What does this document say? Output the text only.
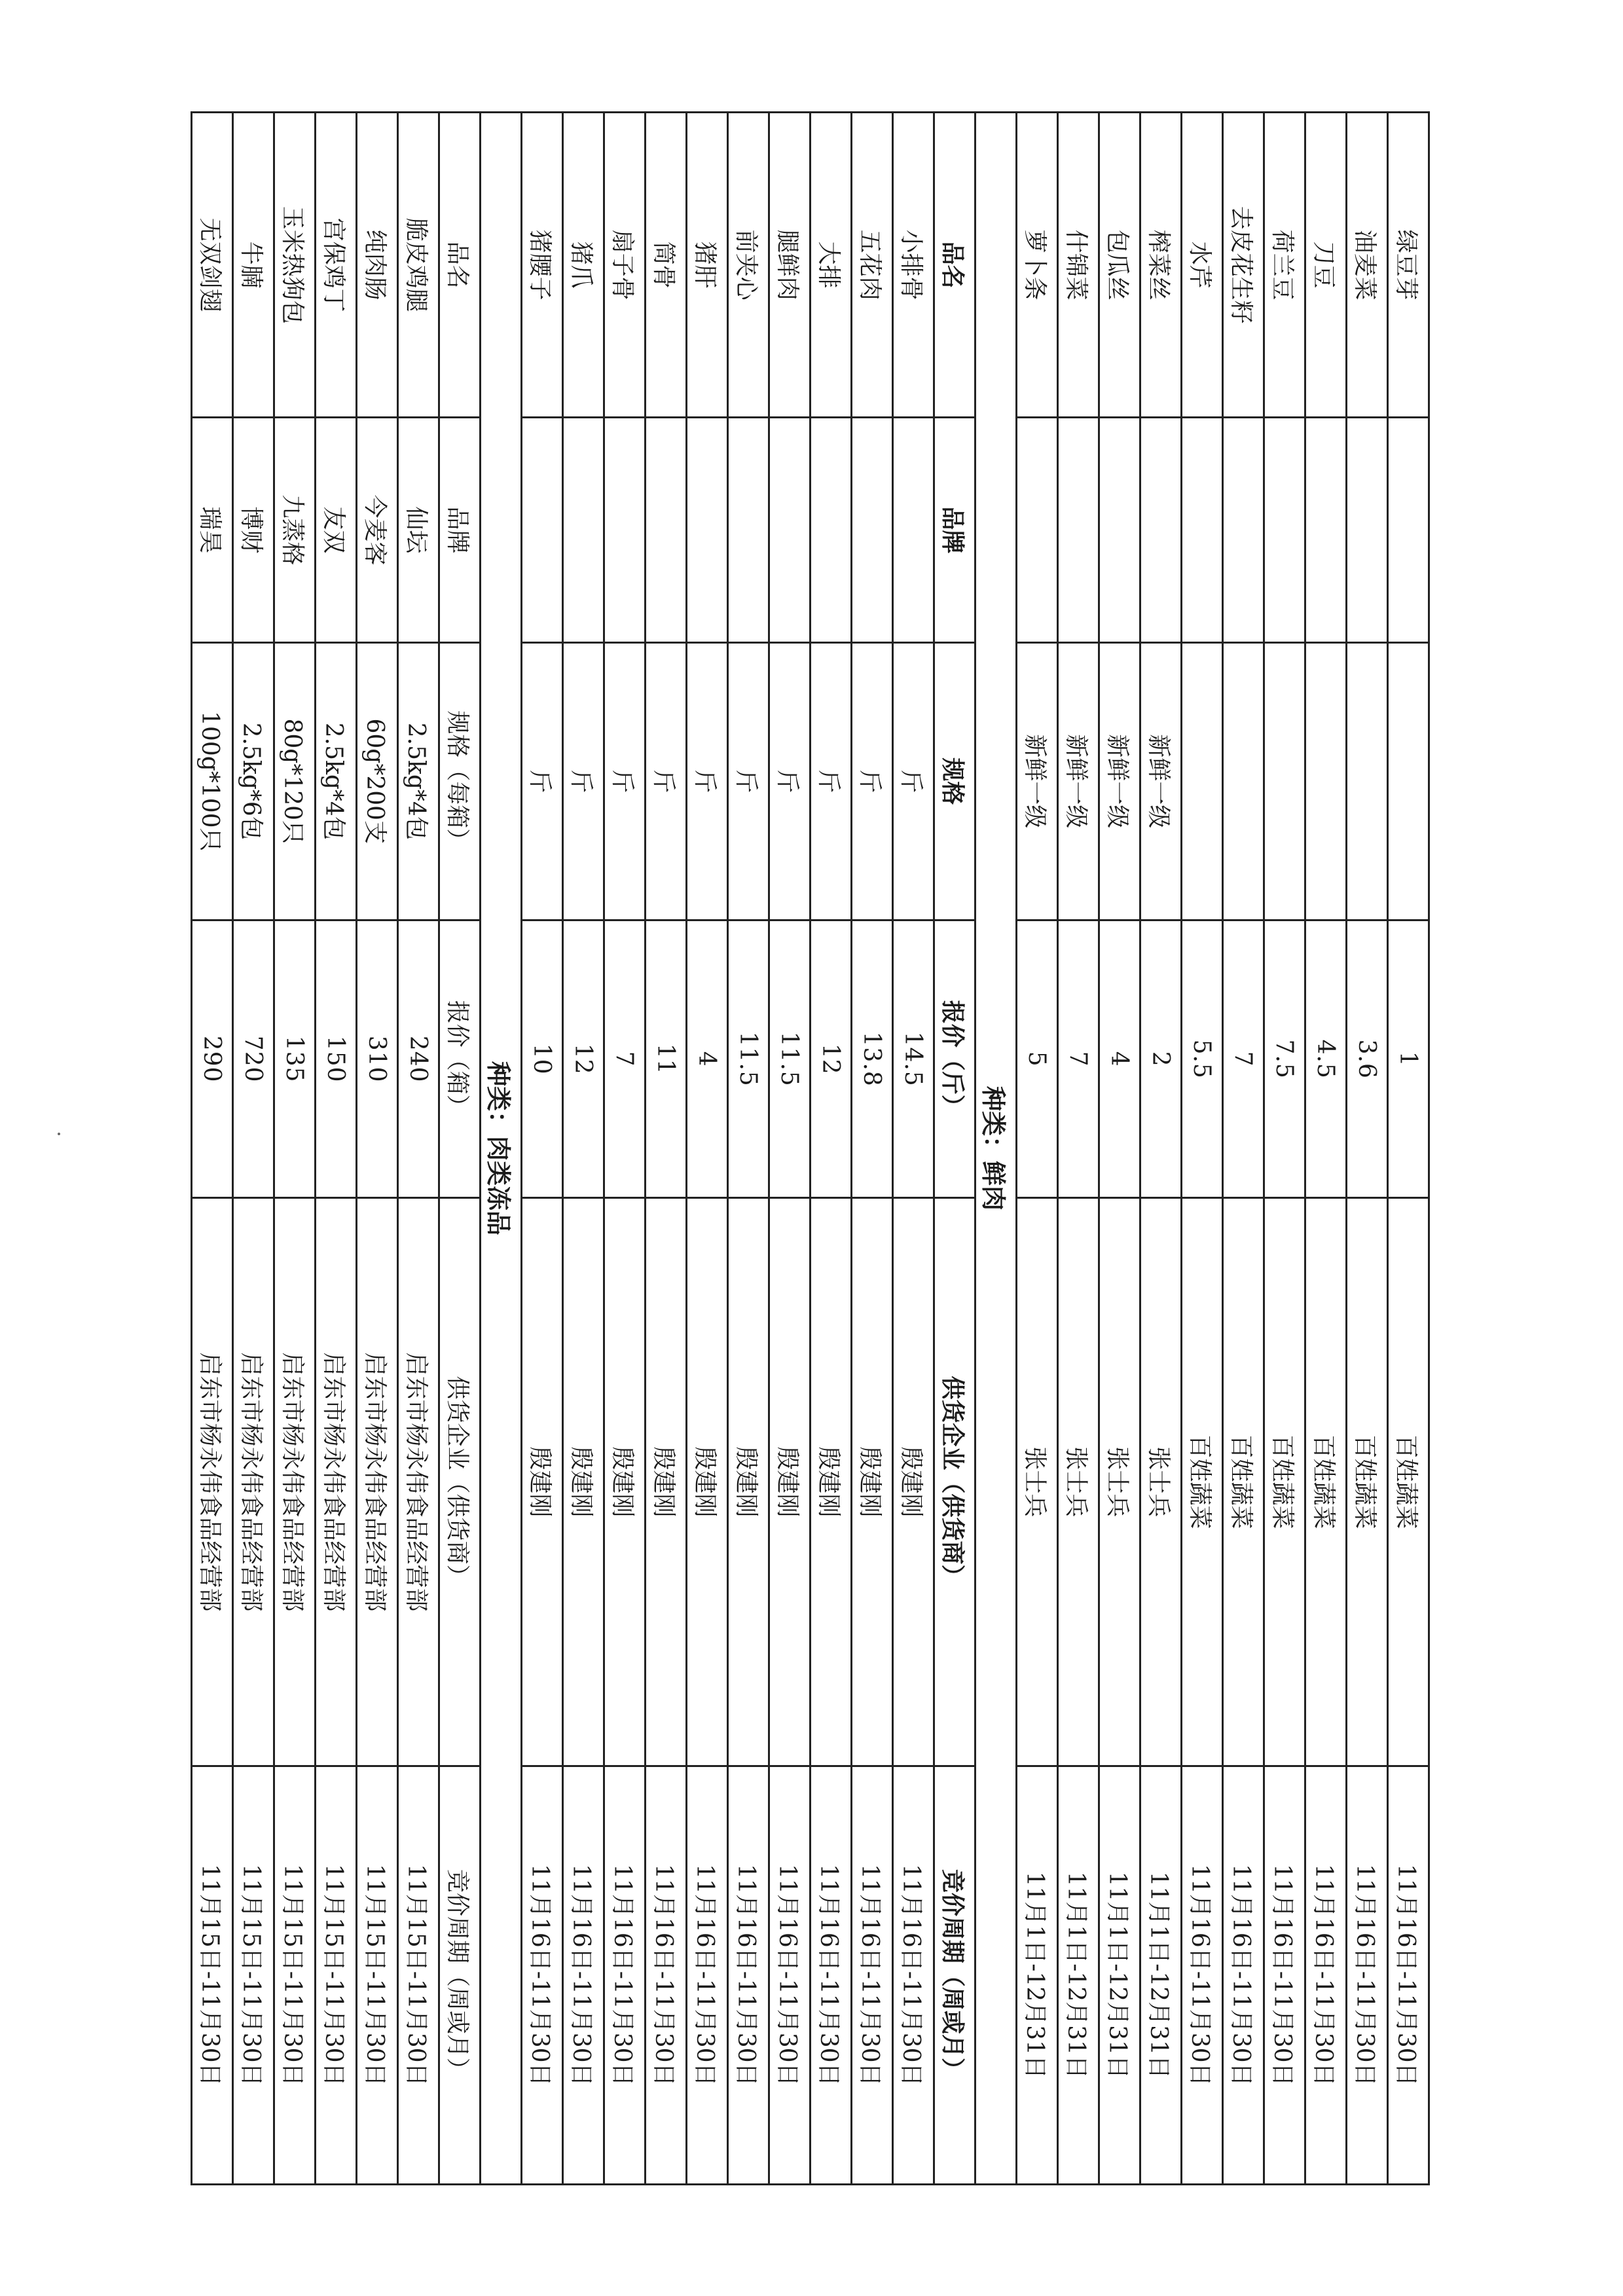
绿豆芽			1	百姓蔬菜	11月16日-11月30日
油麦菜			3.6	百姓蔬菜	11月16日-11月30日
刀豆			4.5	百姓蔬菜	11月16日-11月30日
荷兰豆			7.5	百姓蔬菜	11月16日-11月30日
去皮花生籽			7	百姓蔬菜	11月16日-11月30日
水芹			5.5	百姓蔬菜	11月16日-11月30日
榨菜丝		新鲜一级	2	张士兵	11月1日-12月31日
包瓜丝		新鲜一级	4	张士兵	11月1日-12月31日
什锦菜		新鲜一级	7	张士兵	11月1日-12月31日
萝卜条		新鲜一级	5	张士兵	11月1日-12月31日
种类：鲜肉					
品名	品牌	规格	报价（斤）	供货企业（供货商）	竞价周期（周或月）
小排骨		斤	14.5	殷建刚	11月16日-11月30日
五花肉		斤	13.8	殷建刚	11月16日-11月30日
大排		斤	12	殷建刚	11月16日-11月30日
腿鲜肉		斤	11.5	殷建刚	11月16日-11月30日
前夹心		斤	11.5	殷建刚	11月16日-11月30日
猪肝		斤	4	殷建刚	11月16日-11月30日
筒骨		斤	11	殷建刚	11月16日-11月30日
扇子骨		斤	7	殷建刚	11月16日-11月30日
猪爪		斤	12	殷建刚	11月16日-11月30日
猪腰子		斤	10	殷建刚	11月16日-11月30日
种类：肉类冻品					
品名	品牌	规格（每箱）	报价（箱）	供货企业（供货商）	竞价周期（周或月）
脆皮鸡腿	仙坛	2.5kg*4包	240	启东市杨永伟食品经营部	11月15日-11月30日
纯肉肠	今麦客	60g*200支	310	启东市杨永伟食品经营部	11月15日-11月30日
宫保鸡丁	友双	2.5kg*4包	150	启东市杨永伟食品经营部	11月15日-11月30日
玉米热狗包	九蒸格	80g*120只	135	启东市杨永伟食品经营部	11月15日-11月30日
牛腩	博财	2.5kg*6包	720	启东市杨永伟食品经营部	11月15日-11月30日
无双剑翅	瑞昊	100g*100只	290	启东市杨永伟食品经营部	11月15日-11月30日
